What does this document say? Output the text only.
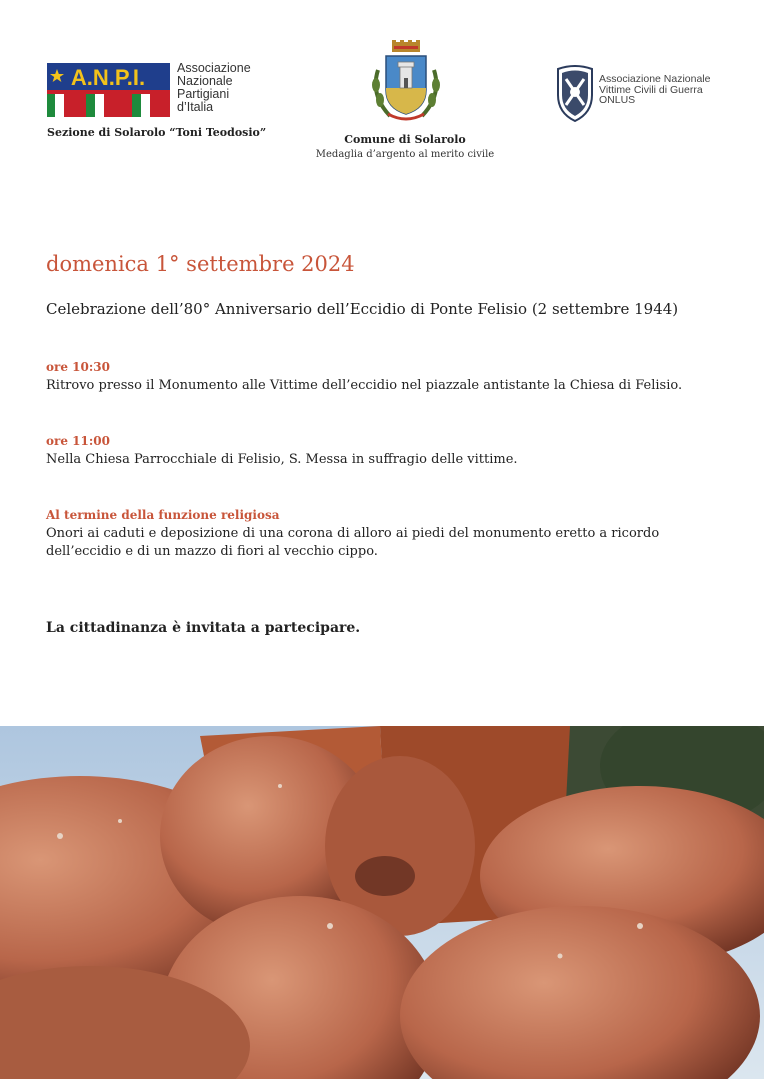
A.N.P.I.	Associazione
Nazionale
Partigiani
d’Italia
Sezione di Solarolo “Toni Teodosio”
Comune di Solarolo
Medaglia d’argento al merito civile
Associazione Nazionale
Vittime Civili di Guerra
ONLUS
domenica 1° settembre 2024
Celebrazione dell’80° Anniversario dell’Eccidio di Ponte Felisio (2 settembre 1944)
ore 10:30
Ritrovo presso il Monumento alle Vittime dell’eccidio nel piazzale antistante la Chiesa di Felisio.
ore 11:00
Nella Chiesa Parrocchiale di Felisio, S. Messa in suffragio delle vittime.
Al termine della funzione religiosa
Onori ai caduti e deposizione di una corona di alloro ai piedi del monumento eretto a ricordo dell’eccidio e di un mazzo di fiori al vecchio cippo.
La cittadinanza è invitata a partecipare.
